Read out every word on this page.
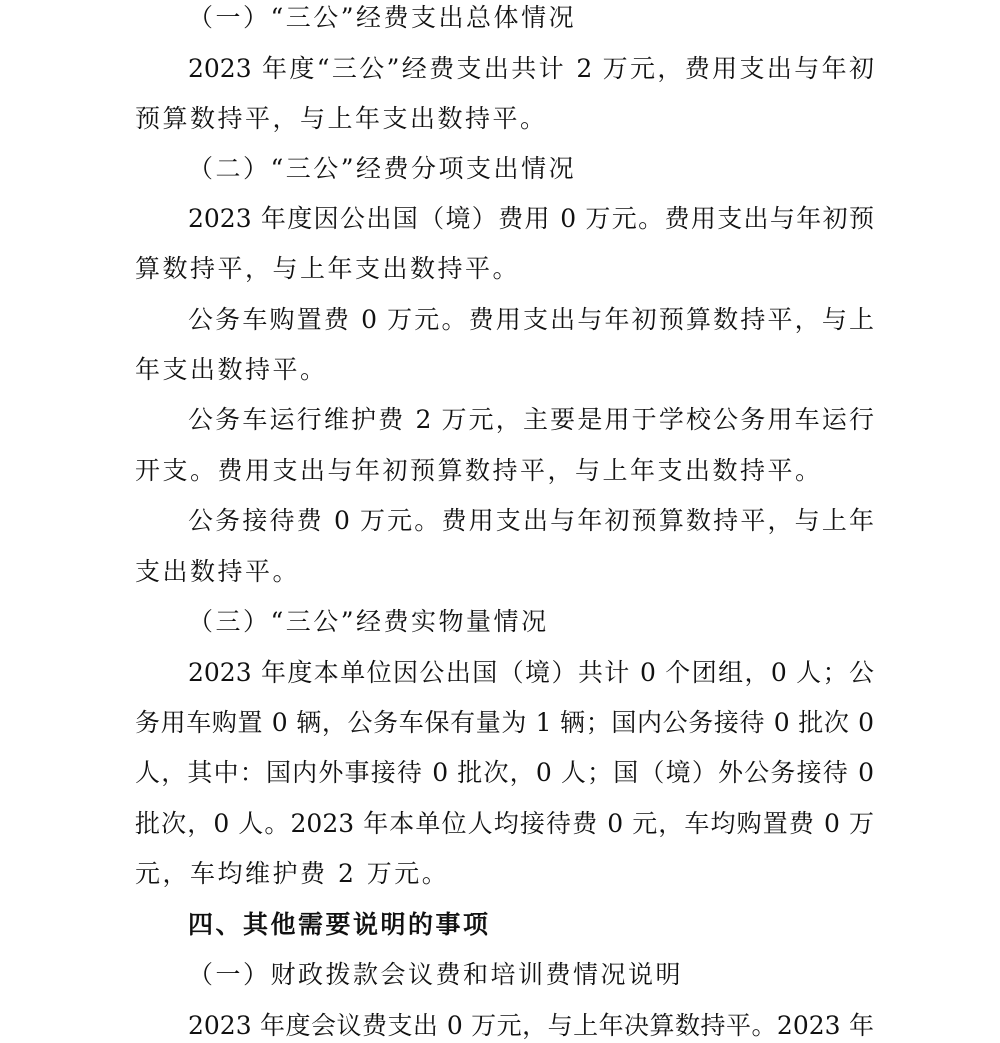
（一）“三公”经费支出总体情况
2023 年度“三公”经费支出共计 2 万元，费用支出与年初
预算数持平，与上年支出数持平。
（二）“三公”经费分项支出情况
2023 年度因公出国（境）费用 0 万元。费用支出与年初预
算数持平，与上年支出数持平。
公务车购置费 0 万元。费用支出与年初预算数持平，与上
年支出数持平。
公务车运行维护费 2 万元，主要是用于学校公务用车运行
开支。费用支出与年初预算数持平，与上年支出数持平。
公务接待费 0 万元。费用支出与年初预算数持平，与上年
支出数持平。
（三）“三公”经费实物量情况
2023 年度本单位因公出国（境）共计 0 个团组，0 人；公
务用车购置 0 辆，公务车保有量为 1 辆；国内公务接待 0 批次 0
人，其中：国内外事接待 0 批次，0 人；国（境）外公务接待 0
批次，0 人。2023 年本单位人均接待费 0 元，车均购置费 0 万
元，车均维护费 2 万元。
四、其他需要说明的事项
（一）财政拨款会议费和培训费情况说明
2023 年度会议费支出 0 万元，与上年决算数持平。2023 年
